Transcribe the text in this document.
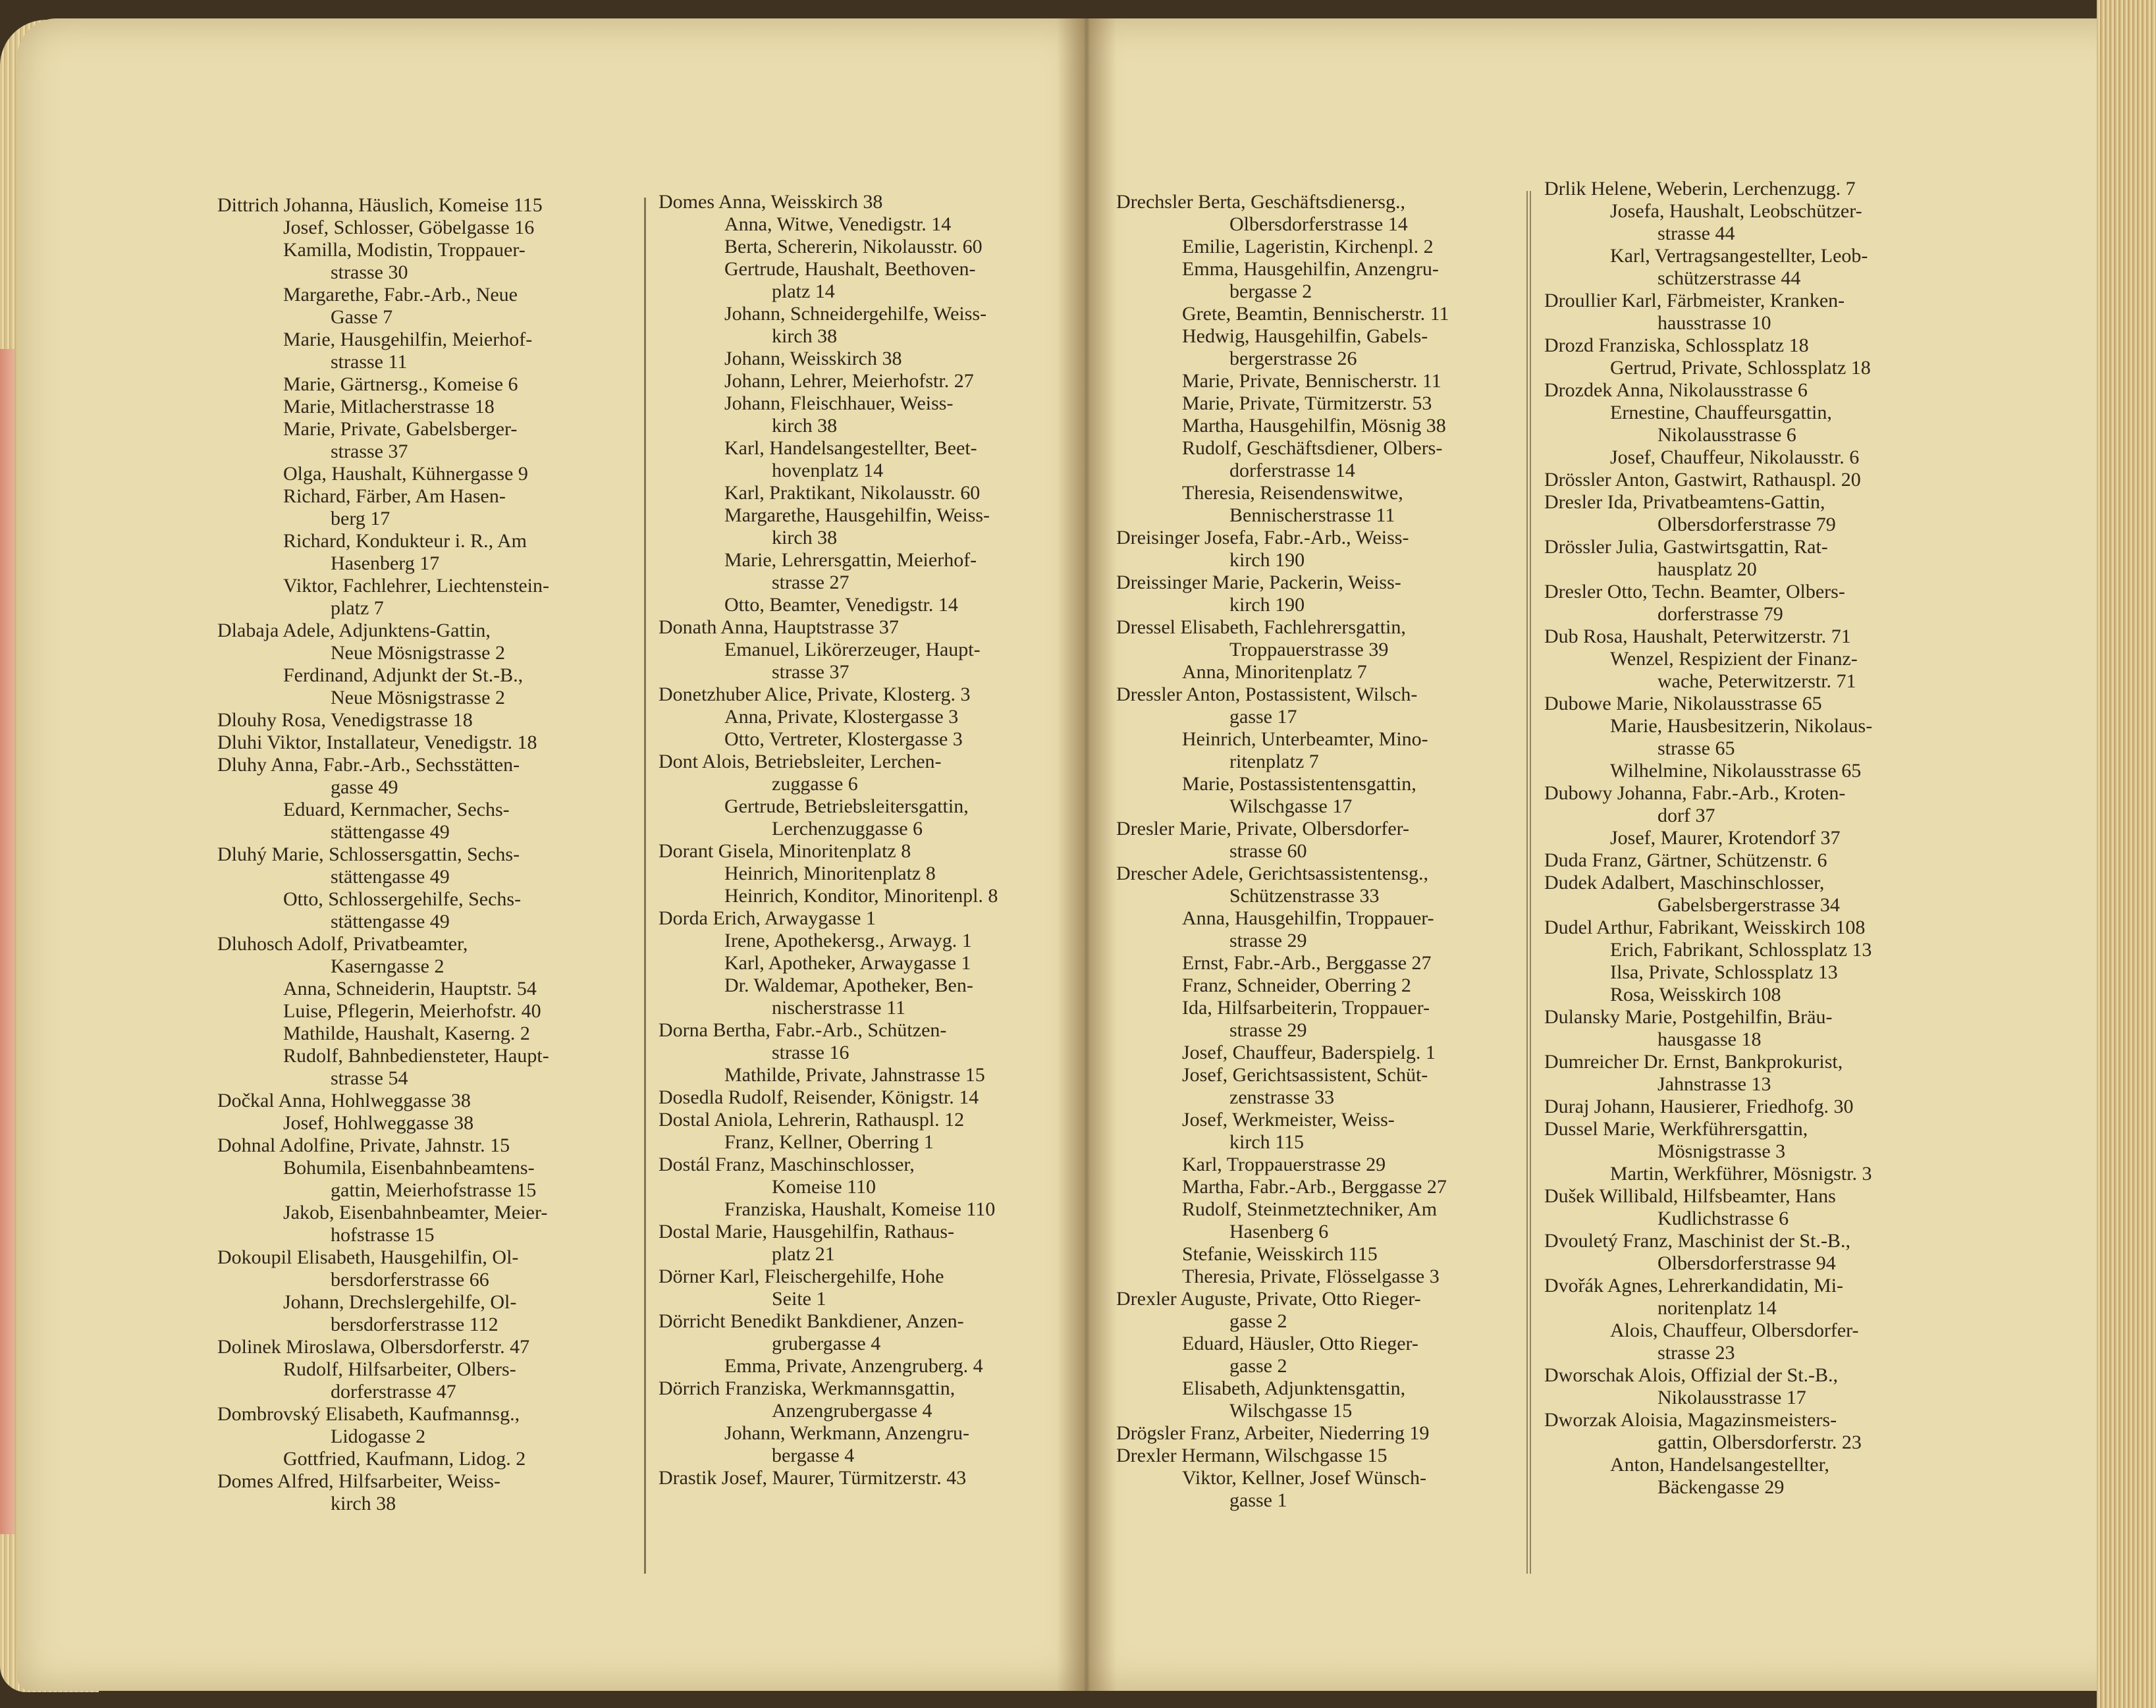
Dittrich Johanna, Häuslich, Komeise 115
Josef, Schlosser, Göbelgasse 16
Kamilla, Modistin, Troppauer-
strasse 30
Margarethe, Fabr.-Arb., Neue
Gasse 7
Marie, Hausgehilfin, Meierhof-
strasse 11
Marie, Gärtnersg., Komeise 6
Marie, Mitlacherstrasse 18
Marie, Private, Gabelsberger-
strasse 37
Olga, Haushalt, Kühnergasse 9
Richard, Färber, Am Hasen-
berg 17
Richard, Kondukteur i. R., Am
Hasenberg 17
Viktor, Fachlehrer, Liechtenstein-
platz 7
Dlabaja Adele, Adjunktens-Gattin,
Neue Mösnigstrasse 2
Ferdinand, Adjunkt der St.-B.,
Neue Mösnigstrasse 2
Dlouhy Rosa, Venedigstrasse 18
Dluhi Viktor, Installateur, Venedigstr. 18
Dluhy Anna, Fabr.-Arb., Sechsstätten-
gasse 49
Eduard, Kernmacher, Sechs-
stättengasse 49
Dluhý Marie, Schlossersgattin, Sechs-
stättengasse 49
Otto, Schlossergehilfe, Sechs-
stättengasse 49
Dluhosch Adolf, Privatbeamter,
Kaserngasse 2
Anna, Schneiderin, Hauptstr. 54
Luise, Pflegerin, Meierhofstr. 40
Mathilde, Haushalt, Kaserng. 2
Rudolf, Bahnbediensteter, Haupt-
strasse 54
Dočkal Anna, Hohlweggasse 38
Josef, Hohlweggasse 38
Dohnal Adolfine, Private, Jahnstr. 15
Bohumila, Eisenbahnbeamtens-
gattin, Meierhofstrasse 15
Jakob, Eisenbahnbeamter, Meier-
hofstrasse 15
Dokoupil Elisabeth, Hausgehilfin, Ol-
bersdorferstrasse 66
Johann, Drechslergehilfe, Ol-
bersdorferstrasse 112
Dolinek Miroslawa, Olbersdorferstr. 47
Rudolf, Hilfsarbeiter, Olbers-
dorferstrasse 47
Dombrovský Elisabeth, Kaufmannsg.,
Lidogasse 2
Gottfried, Kaufmann, Lidog. 2
Domes Alfred, Hilfsarbeiter, Weiss-
kirch 38
Domes Anna, Weisskirch 38
Anna, Witwe, Venedigstr. 14
Berta, Schererin, Nikolausstr. 60
Gertrude, Haushalt, Beethoven-
platz 14
Johann, Schneidergehilfe, Weiss-
kirch 38
Johann, Weisskirch 38
Johann, Lehrer, Meierhofstr. 27
Johann, Fleischhauer, Weiss-
kirch 38
Karl, Handelsangestellter, Beet-
hovenplatz 14
Karl, Praktikant, Nikolausstr. 60
Margarethe, Hausgehilfin, Weiss-
kirch 38
Marie, Lehrersgattin, Meierhof-
strasse 27
Otto, Beamter, Venedigstr. 14
Donath Anna, Hauptstrasse 37
Emanuel, Likörerzeuger, Haupt-
strasse 37
Donetzhuber Alice, Private, Klosterg. 3
Anna, Private, Klostergasse 3
Otto, Vertreter, Klostergasse 3
Dont Alois, Betriebsleiter, Lerchen-
zuggasse 6
Gertrude, Betriebsleitersgattin,
Lerchenzuggasse 6
Dorant Gisela, Minoritenplatz 8
Heinrich, Minoritenplatz 8
Heinrich, Konditor, Minoritenpl. 8
Dorda Erich, Arwaygasse 1
Irene, Apothekersg., Arwayg. 1
Karl, Apotheker, Arwaygasse 1
Dr. Waldemar, Apotheker, Ben-
nischerstrasse 11
Dorna Bertha, Fabr.-Arb., Schützen-
strasse 16
Mathilde, Private, Jahnstrasse 15
Dosedla Rudolf, Reisender, Königstr. 14
Dostal Aniola, Lehrerin, Rathauspl. 12
Franz, Kellner, Oberring 1
Dostál Franz, Maschinschlosser,
Komeise 110
Franziska, Haushalt, Komeise 110
Dostal Marie, Hausgehilfin, Rathaus-
platz 21
Dörner Karl, Fleischergehilfe, Hohe
Seite 1
Dörricht Benedikt Bankdiener, Anzen-
grubergasse 4
Emma, Private, Anzengruberg. 4
Dörrich Franziska, Werkmannsgattin,
Anzengrubergasse 4
Johann, Werkmann, Anzengru-
bergasse 4
Drastik Josef, Maurer, Türmitzerstr. 43
Drechsler Berta, Geschäftsdienersg.,
Olbersdorferstrasse 14
Emilie, Lageristin, Kirchenpl. 2
Emma, Hausgehilfin, Anzengru-
bergasse 2
Grete, Beamtin, Bennischerstr. 11
Hedwig, Hausgehilfin, Gabels-
bergerstrasse 26
Marie, Private, Bennischerstr. 11
Marie, Private, Türmitzerstr. 53
Martha, Hausgehilfin, Mösnig 38
Rudolf, Geschäftsdiener, Olbers-
dorferstrasse 14
Theresia, Reisendenswitwe,
Bennischerstrasse 11
Dreisinger Josefa, Fabr.-Arb., Weiss-
kirch 190
Dreissinger Marie, Packerin, Weiss-
kirch 190
Dressel Elisabeth, Fachlehrersgattin,
Troppauerstrasse 39
Anna, Minoritenplatz 7
Dressler Anton, Postassistent, Wilsch-
gasse 17
Heinrich, Unterbeamter, Mino-
ritenplatz 7
Marie, Postassistentensgattin,
Wilschgasse 17
Dresler Marie, Private, Olbersdorfer-
strasse 60
Drescher Adele, Gerichtsassistentensg.,
Schützenstrasse 33
Anna, Hausgehilfin, Troppauer-
strasse 29
Ernst, Fabr.-Arb., Berggasse 27
Franz, Schneider, Oberring 2
Ida, Hilfsarbeiterin, Troppauer-
strasse 29
Josef, Chauffeur, Baderspielg. 1
Josef, Gerichtsassistent, Schüt-
zenstrasse 33
Josef, Werkmeister, Weiss-
kirch 115
Karl, Troppauerstrasse 29
Martha, Fabr.-Arb., Berggasse 27
Rudolf, Steinmetztechniker, Am
Hasenberg 6
Stefanie, Weisskirch 115
Theresia, Private, Flösselgasse 3
Drexler Auguste, Private, Otto Rieger-
gasse 2
Eduard, Häusler, Otto Rieger-
gasse 2
Elisabeth, Adjunktensgattin,
Wilschgasse 15
Drögsler Franz, Arbeiter, Niederring 19
Drexler Hermann, Wilschgasse 15
Viktor, Kellner, Josef Wünsch-
gasse 1
Drlik Helene, Weberin, Lerchenzugg. 7
Josefa, Haushalt, Leobschützer-
strasse 44
Karl, Vertragsangestellter, Leob-
schützerstrasse 44
Droullier Karl, Färbmeister, Kranken-
hausstrasse 10
Drozd Franziska, Schlossplatz 18
Gertrud, Private, Schlossplatz 18
Drozdek Anna, Nikolausstrasse 6
Ernestine, Chauffeursgattin,
Nikolausstrasse 6
Josef, Chauffeur, Nikolausstr. 6
Drössler Anton, Gastwirt, Rathauspl. 20
Dresler Ida, Privatbeamtens-Gattin,
Olbersdorferstrasse 79
Drössler Julia, Gastwirtsgattin, Rat-
hausplatz 20
Dresler Otto, Techn. Beamter, Olbers-
dorferstrasse 79
Dub Rosa, Haushalt, Peterwitzerstr. 71
Wenzel, Respizient der Finanz-
wache, Peterwitzerstr. 71
Dubowe Marie, Nikolausstrasse 65
Marie, Hausbesitzerin, Nikolaus-
strasse 65
Wilhelmine, Nikolausstrasse 65
Dubowy Johanna, Fabr.-Arb., Kroten-
dorf 37
Josef, Maurer, Krotendorf 37
Duda Franz, Gärtner, Schützenstr. 6
Dudek Adalbert, Maschinschlosser,
Gabelsbergerstrasse 34
Dudel Arthur, Fabrikant, Weisskirch 108
Erich, Fabrikant, Schlossplatz 13
Ilsa, Private, Schlossplatz 13
Rosa, Weisskirch 108
Dulansky Marie, Postgehilfin, Bräu-
hausgasse 18
Dumreicher Dr. Ernst, Bankprokurist,
Jahnstrasse 13
Duraj Johann, Hausierer, Friedhofg. 30
Dussel Marie, Werkführersgattin,
Mösnigstrasse 3
Martin, Werkführer, Mösnigstr. 3
Dušek Willibald, Hilfsbeamter, Hans
Kudlichstrasse 6
Dvouletý Franz, Maschinist der St.-B.,
Olbersdorferstrasse 94
Dvořák Agnes, Lehrerkandidatin, Mi-
noritenplatz 14
Alois, Chauffeur, Olbersdorfer-
strasse 23
Dworschak Alois, Offizial der St.-B.,
Nikolausstrasse 17
Dworzak Aloisia, Magazinsmeisters-
gattin, Olbersdorferstr. 23
Anton, Handelsangestellter,
Bäckengasse 29
